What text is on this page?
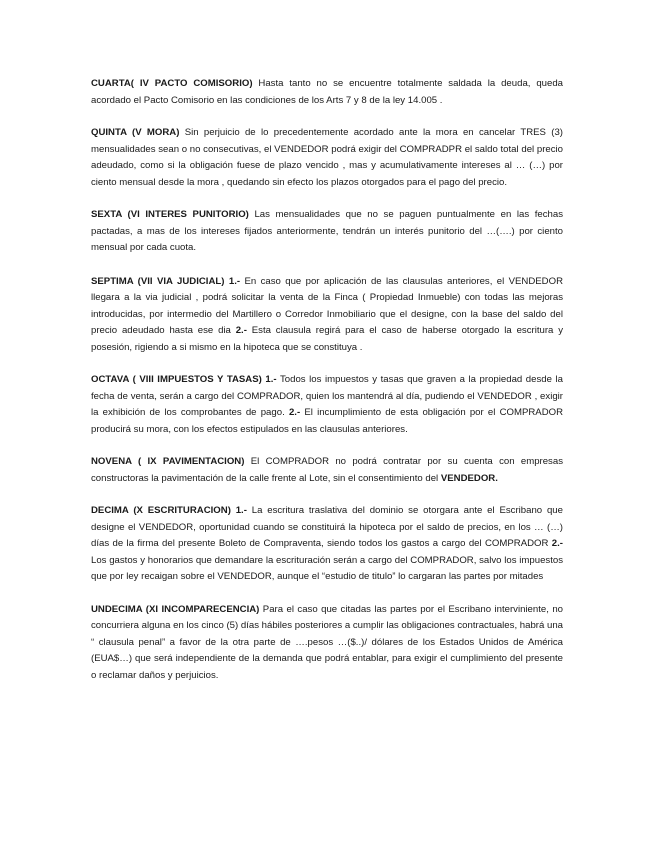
CUARTA( IV PACTO COMISORIO) Hasta tanto no se encuentre totalmente saldada la deuda, queda acordado el Pacto Comisorio en las condiciones de los Arts 7 y 8 de la ley 14.005 .

QUINTA (V MORA) Sin perjuicio de lo precedentemente acordado ante la mora en cancelar TRES (3) mensualidades sean o no consecutivas, el VENDEDOR podrá exigir del COMPRADPR el saldo total del precio adeudado, como si la obligación fuese de plazo vencido , mas y acumulativamente intereses al … (…) por ciento mensual desde la mora , quedando sin efecto los plazos otorgados para el pago del precio.

SEXTA (VI INTERES PUNITORIO) Las mensualidades que no se paguen puntualmente en las fechas pactadas, a mas de los intereses fijados anteriormente, tendrán un interés punitorio del …(….) por ciento mensual por cada cuota.

SEPTIMA (VII VIA JUDICIAL) 1.- En caso que por aplicación de las clausulas anteriores, el VENDEDOR llegara a la via judicial , podrá solicitar la venta de la Finca ( Propiedad Inmueble) con todas las mejoras introducidas, por intermedio del Martillero o Corredor Inmobiliario que el designe, con la base del saldo del precio adeudado hasta ese dia 2.- Esta clausula regirá para el caso de haberse otorgado la escritura y posesión, rigiendo a si mismo en la hipoteca que se constituya .

OCTAVA ( VIII IMPUESTOS Y TASAS) 1.- Todos los impuestos y tasas que graven a la propiedad desde la fecha de venta, serán a cargo del COMPRADOR, quien los mantendrá al día, pudiendo el VENDEDOR , exigir la exhibición de los comprobantes de pago. 2.- El incumplimiento de esta obligación por el COMPRADOR producirá su mora, con los efectos estipulados en las clausulas anteriores.

NOVENA ( IX PAVIMENTACION) El COMPRADOR no podrá contratar por su cuenta con empresas constructoras la pavimentación de la calle frente al Lote, sin el consentimiento del VENDEDOR.

DECIMA (X ESCRITURACION) 1.- La escritura traslativa del dominio se otorgara ante el Escribano que designe el VENDEDOR, oportunidad cuando se constituirá la hipoteca por el saldo de precios, en los … (…) días de la firma del presente Boleto de Compraventa, siendo todos los gastos a cargo del COMPRADOR 2.- Los gastos y honorarios que demandare la escrituración serán a cargo del COMPRADOR, salvo los impuestos que por ley recaigan sobre el VENDEDOR, aunque el “estudio de titulo” lo cargaran las partes por mitades

UNDECIMA (XI INCOMPARECENCIA) Para el caso que citadas las partes por el Escribano interviniente, no concurriera alguna en los cinco (5) días hábiles posteriores a cumplir las obligaciones contractuales, habrá una “ clausula penal” a favor de la otra parte de ….pesos …($..)/ dólares de los Estados Unidos de América (EUA$…) que será independiente de la demanda que podrá entablar, para exigir el cumplimiento del presente o reclamar daños y perjuicios.
